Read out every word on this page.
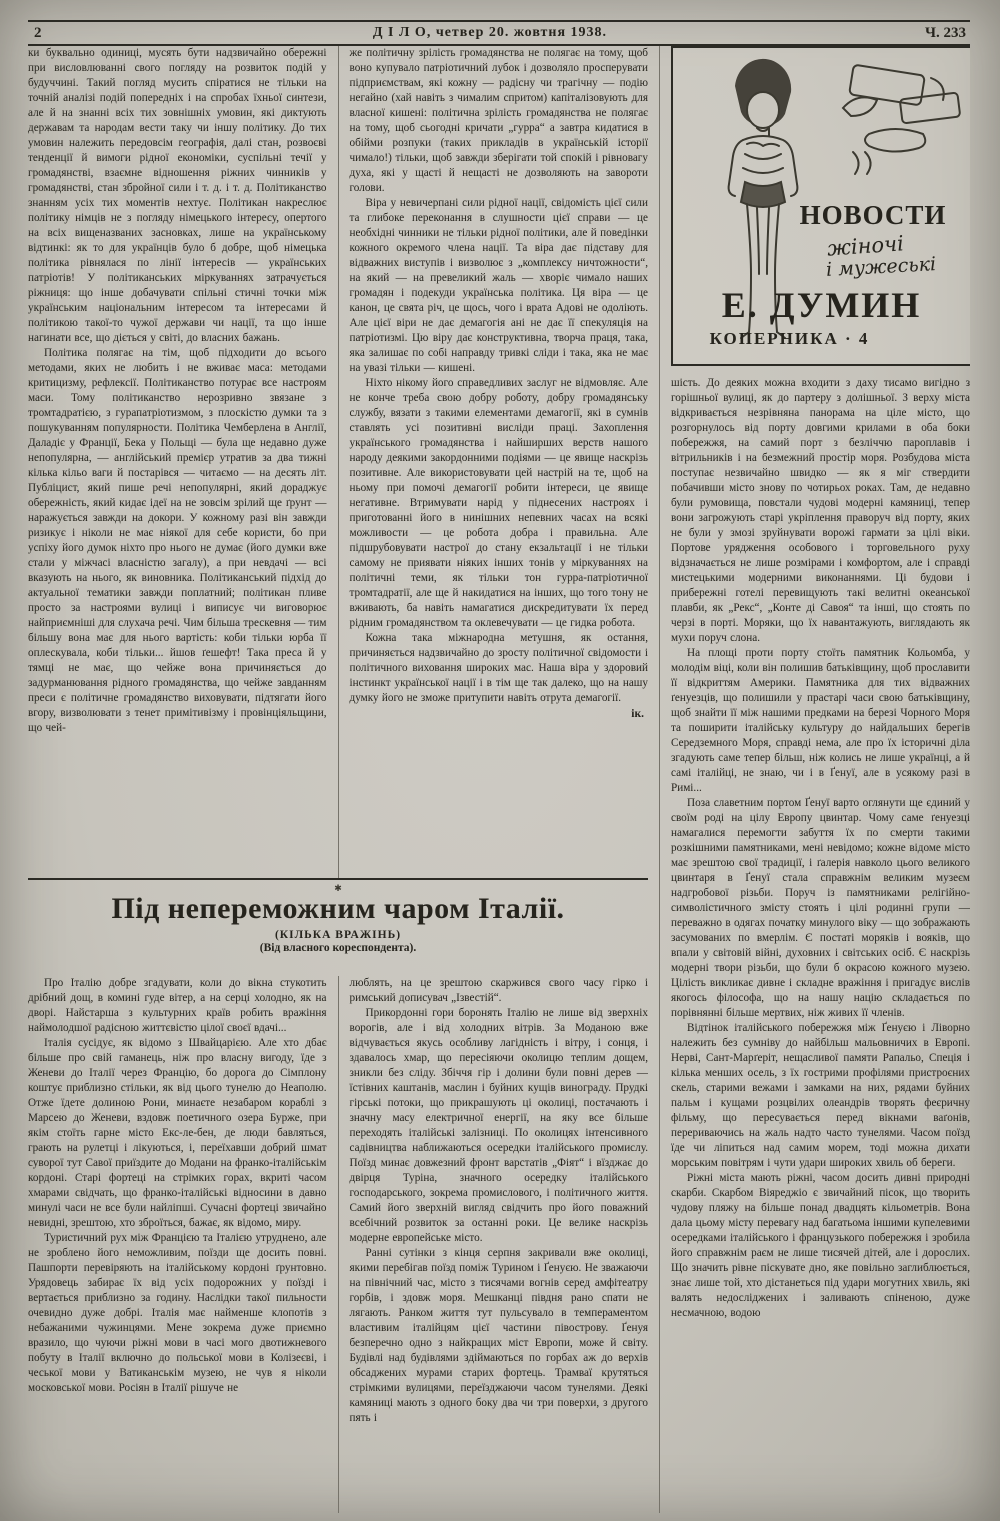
2	Д І Л О, четвер 20. жовтня 1938.	Ч. 233

ки буквально одиниці, мусять бути надзвичайно обережні при висловлюванні свого погляду на розвиток подій у будуччині. Такий погляд мусить спіратися не тільки на точній аналізі подій попередніх і на спробах їхньої синтези, але й на знанні всіх тих зовнішніх умовин, які диктують державам та народам вести таку чи іншу політику. До тих умовин належить передовсім географія, далі стан, розвоєві тенденції й вимоги рідної економіки, суспільні течії у громадянстві, взаємне відношення ріжних чинників у громадянстві, стан збройної сили і т. д. і т. д. Політиканство знанням усіх тих моментів нехтує. Політикан накреслює політику німців не з погляду німецького інтересу, опертого на всіх вищеназваних засновках, лише на українському відтинкі: як то для українців було б добре, щоб німецька політика рівнялася по лінії інтересів — українських патріотів! У політиканських міркуваннях затрачується ріжниця: що інше добачувати спільні стичні точки між українським національним інтересом та інтересами й політикою такої-то чужої держави чи нації, та що інше нагинати все, що діється у світі, до власних бажань.

Політика полягає на тім, щоб підходити до всього методами, яких не любить і не вживає маса: методами критицизму, рефлексії. Політиканство потурає все настроям маси. Тому політиканство нерозривно звязане з тромтадратією, з гурапатріотизмом, з плоскістю думки та з пошукуванням популярности. Політика Чемберлена в Англії, Даладіє у Франції, Бека у Польщі — була ще недавно дуже непопулярна, — англійський премієр утратив за два тижні кілька кільо ваги й постарівся — читаємо — на десять літ. Публіцист, який пише речі непопулярні, який дораджує обережність, який кидає ідеї на не зовсім зрілий ще ґрунт — наражується завжди на докори. У кожному разі він завжди ризикує і ніколи не має ніякої для себе користи, бо при успіху його думок ніхто про нього не думає (його думки вже стали у міжчасі власністю загалу), а при невдачі — всі вказують на нього, як виновника. Політиканський підхід до актуальної тематики завжди поплатний; політикан пливе просто за настроями вулиці і виписує чи виговорює найприємніші для слухача речі. Чим більша трескевня — тим більшу вона має для нього вартість: коби тільки юрба її оплескувала, коби тільки... йшов ґешефт! Така преса й у тямці не має, що чейже вона причиняється до задурманювання рідного громадянства, що чейже завданням преси є політичне громадянство виховувати, підтягати його вгору, визволювати з тенет примітивізму і провінціяльщини, що чей-

же політичну зрілість громадянства не полягає на тому, щоб воно купувало патріотичний лубок і дозволяло просперувати підприємствам, які кожну — радісну чи трагічну — подію негайно (хай навіть з чималим спритом) капіталізовують для власної кишені: політична зрілість громадянства не полягає на тому, щоб сьогодні кричати „гурра“ а завтра кидатися в обійми розпуки (таких прикладів в українській історії чимало!) тільки, щоб завжди зберігати той спокій і рівновагу духа, які у щасті й нещасті не дозволяють на завороти голови.

Віра у невичерпані сили рідної нації, свідомість цієї сили та глибоке переконання в слушности цієї справи — це необхідні чинники не тільки рідної політики, але й поведінки кожного окремого члена нації. Та віра дає підставу для відважних виступів і визволює з „комплексу ничтожности“, на який — на превеликий жаль — хворіє чимало наших громадян і подекуди українська політика. Ця віра — це канон, це свята річ, це щось, чого і врата Адові не одоліють. Але цієї віри не дає демагогія ані не дає її спекуляція на патріотизмі. Цю віру дає конструктивна, творча праця, така, яка залишає по собі направду тривкі сліди і така, яка не має на увазі тільки — кишені.

Ніхто нікому його справедливих заслуг не відмовляє. Але не конче треба свою добру роботу, добру громадянську службу, вязати з такими елементами демагогії, які в сумнів ставлять усі позитивні висліди праці. Захоплення українського громадянства і найширших верств нашого народу деякими закордонними подіями — це явище наскрізь позитивне. Але використовувати цей настрій на те, щоб на ньому при помочі демагогії робити інтереси, це явище негативне. Втримувати нарід у піднесених настроях і приготованні його в нинішних непевних часах на всякі можливости — це робота добра і правильна. Але підшрубовувати настрої до стану екзальтації і не тільки самому не приявати ніяких інших тонів у міркуваннях на політичні теми, як тільки тон гурра-патріотичної тромтадратії, але ще й накидатися на інших, що того тону не вживають, ба навіть намагатися дискредитувати їх перед рідним громадянством та оклевечувати — це гидка робота.

Кожна така міжнародна метушня, як остання, причиняється надзвичайно до зросту політичної свідомости і політичного виховання широких мас. Наша віра у здоровий інстинкт української нації і в тім ще так далеко, що на нашу думку його не зможе притупити навіть отрута демагогії.

ік.

✱
Під непереможним чаром Італії.

(КІЛЬКА ВРАЖІНЬ)

(Від власного кореспондента).

Про Італію добре згадувати, коли до вікна стукотить дрібний дощ, в комині гуде вітер, а на серці холодно, як на дворі. Найстарша з культурних країв робить вражіння наймолодшої радісною життєвістю цілої своєї вдачі...

Італія сусідує, як відомо з Швайцарією. Але хто дбає більше про свій гаманець, ніж про власну вигоду, їде з Женеви до Італії через Францію, бо дорога до Сімплону коштує приблизно стільки, як від цього тунелю до Неаполю. Отже їдете долиною Рони, минаєте незабаром кораблі з Марсею до Женеви, вздовж поетичного озера Бурже, при якім стоїть гарне місто Екс-ле-бен, де люди бавляться, грають на рулетці і лікуються, і, переїхавши добрий шмат суворої тут Савої приїздите до Модани на франко-італійськім кордоні. Старі фортеці на стрімких горах, вкриті часом хмарами свідчать, що франко-італійські відносини в давно минулі часи не все були найліпші. Сучасні фортеці звичайно невидні, зрештою, хто зброїться, бажає, як відомо, миру.

Туристичний рух між Францією та Італією утруднено, але не зроблено його неможливим, поїзди ще досить повні. Пашпорти перевіряють на італійському кордоні ґрунтовно. Урядовець забирає їх від усіх подорожних у поїзді і вертається приблизно за годину. Наслідки такої пильности очевидно дуже добрі. Італія має найменше клопотів з небажаними чужинцями. Мене зокрема дуже приємно вразило, що чуючи ріжні мови в часі мого двотижневого побуту в Італії включно до польської мови в Колізеєві, і чеської мови у Ватиканськім музею, не чув я ніколи московської мови. Росіян в Італії рішуче не

люблять, на це зрештою скаржився свого часу гірко і римський дописувач „Ізвестій“.

Прикордонні гори боронять Італію не лише від зверхніх ворогів, але і від холодних вітрів. За Моданою вже відчувається якусь особливу лагідність і вітру, і сонця, і здавалось хмар, що пересіяючи околицю теплим дощем, зникли без сліду. Збіччя гір і долини були повні дерев — їстівних каштанів, маслин і буйних кущів винограду. Прудкі гірські потоки, що прикрашують ці околиці, постачають і значну масу електричної енергії, на яку все більше переходять італійські залізниці. По околицях інтенсивного садівництва наближаються осередки італійського промислу. Поїзд минає довжезний фронт варстатів „Фіят“ і вїзджає до двірця Туріна, значного осередку італійського господарського, зокрема промислового, і політичного життя. Самий його зверхній вигляд свідчить про його поважний всебічний розвиток за останні роки. Це велике наскрізь модерне европейське місто.

Ранні сутінки з кінця серпня закривали вже околиці, якими перебігав поїзд поміж Турином і Ґенуєю. Не зважаючи на північний час, місто з тисячами вогнів серед амфітеатру горбів, і здовж моря. Мешканці півдня рано спати не лягають. Ранком життя тут пульсувало в темпераментом властивим італійцям цієї частини півострову. Ґенуя безперечно одно з найкращих міст Европи, може й світу. Будівлі над будівлями здіймаються по горбах аж до верхів обсаджених мурами старих фортець. Трамваї крутяться стрімкими вулицями, переїзджаючи часом тунелями. Деякі камяниці мають з одного боку два чи три поверхи, з другого пять і

НОВОСТИ
жіночі
і мужеські
Е. ДУМИН
КОПЕРНИКА · 4

шість. До деяких можна входити з даху тисамо вигідно з горішньої вулиці, як до партеру з долішньої. З верху міста відкривається незрівняна панорама на ціле місто, що розгорнулось від порту довгими крилами в оба боки побережжя, на самий порт з безліччю пароплавів і вітрильників і на безмежний простір моря. Розбудова міста поступає незвичайно швидко — як я міг ствердити побачивши місто знову по чотирьох роках. Там, де недавно були румовища, повстали чудові модерні камяниці, тепер вони загрожують старі укріплення праворуч від порту, яких не були у змозі зруйнувати ворожі гармати за цілі віки. Портове урядження особового і торговельного руху відзначається не лише розмірами і комфортом, але і справді мистецькими модерними виконаннями. Ці будови і прибережні готелі перевищують такі велитні океанської плавби, як „Рекс“, „Конте ді Савоя“ та інші, що стоять по черзі в порті. Моряки, що їх навантажують, виглядають як мухи поруч слона.

На площі проти порту стоїть памятник Кольомба, у молодім віці, коли він полишив батьківщину, щоб прославити її відкриттям Америки. Памятника для тих відважних ґенуезців, що полишили у прастарі часи свою батьківщину, щоб знайти її між нашими предками на березі Чорного Моря та поширити італійську культуру до найдальших берегів Середземного Моря, справді нема, але про їх історичні діла згадують саме тепер більш, ніж колись не лише українці, а й самі італійці, не знаю, чи і в Ґенуї, але в усякому разі в Римі...

Поза славетним портом Ґенуї варто оглянути ще єдиний у своїм роді на цілу Европу цвинтар. Чому саме ґенуезці намагалися перемогти забуття їх по смерти такими розкішними памятниками, мені невідомо; кожне відоме місто має зрештою свої традиції, і ґалерія навколо цього великого цвинтаря в Ґенуї стала справжнім великим музеєм надгробової різьби. Поруч із памятниками релігійно-символістичного змісту стоять і цілі родинні групи — переважно в одягах початку минулого віку — що зображають засумованих по вмерлім. Є постаті моряків і вояків, що впали у світовій війні, духовних і світських осіб. Є наскрізь модерні твори різьби, що були б окрасою кожного музею. Цілість викликає дивне і складне вражіння і пригадує вислів якогось філософа, що на нашу націю складається по порівнянні більше мертвих, ніж живих її членів.

Відтінок італійського побережжя між Ґенуєю і Ліворно належить без сумніву до найбільш мальовничих в Европі. Нерві, Сант-Марґеріт, нещасливої памяти Рапальо, Спеція і кілька менших осель, з їх гострими профілями пристроєних скель, старими вежами і замками на них, рядами буйних пальм і кущами розцвілих олеандрів творять феєричну фільму, що пересувається перед вікнами ваґонів, перериваючись на жаль надто часто тунелями. Часом поїзд їде чи ліпиться над самим морем, тоді можна дихати морським повітрям і чути удари широких хвиль об береги.

Ріжні міста мають ріжні, часом досить дивні природні скарби. Скарбом Віяреджіо є звичайний пісок, що творить чудову пляжу на більше понад двадцять кільометрів. Вона дала цьому місту перевагу над багатьома іншими купелевими осередками італійського і французького побережжя і зробила його справжнім раєм не лише тисячей дітей, але і дорослих. Що значить рівне піскувате дно, яке повільно заглиблюється, знає лише той, хто дістанеться під удари могутних хвиль, які валять недосліджених і заливають спіненою, дуже несмачною, водою
